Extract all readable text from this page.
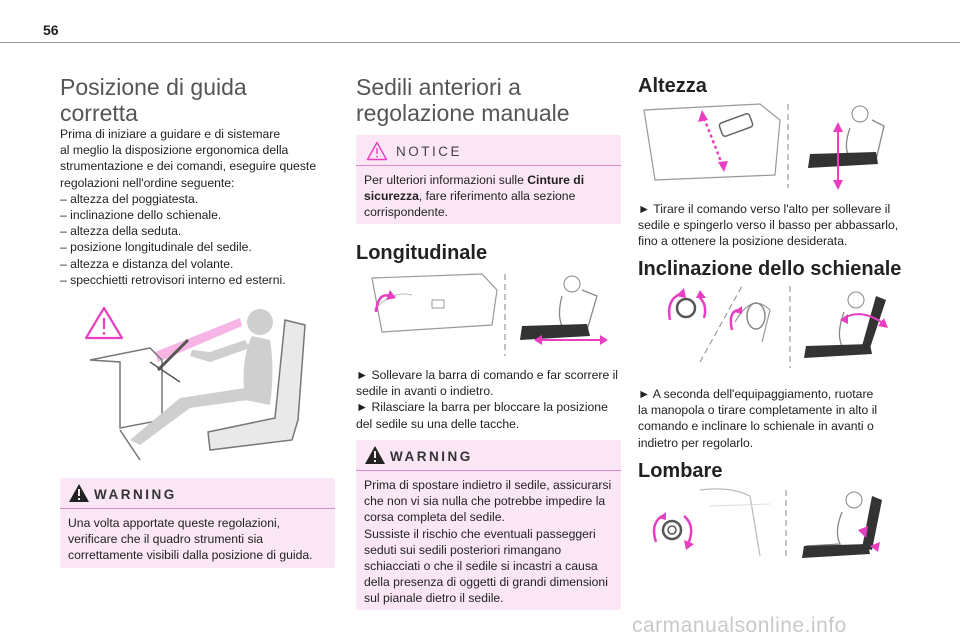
56
Posizione di guida
corretta
Prima di iniziare a guidare e di sistemare
al meglio la disposizione ergonomica della
strumentazione e dei comandi, eseguire queste
regolazioni nell'ordine seguente:
– altezza del poggiatesta.
– inclinazione dello schienale.
– altezza della seduta.
– posizione longitudinale del sedile.
– altezza e distanza del volante.
– specchietti retrovisori interno ed esterni.
WARNING
Una volta apportate queste regolazioni,
verificare che il quadro strumenti sia
correttamente visibili dalla posizione di guida.
Sedili anteriori a
regolazione manuale
NOTICE
Per ulteriori informazioni sulle Cinture di
sicurezza, fare riferimento alla sezione
corrispondente.
Longitudinale
► Sollevare la barra di comando e far scorrere il
sedile in avanti o indietro.
► Rilasciare la barra per bloccare la posizione
del sedile su una delle tacche.
WARNING
Prima di spostare indietro il sedile, assicurarsi
che non vi sia nulla che potrebbe impedire la
corsa completa del sedile.
Sussiste il rischio che eventuali passeggeri
seduti sui sedili posteriori rimangano
schiacciati o che il sedile si incastri a causa
della presenza di oggetti di grandi dimensioni
sul pianale dietro il sedile.
Altezza
► Tirare il comando verso l'alto per sollevare il
sedile e spingerlo verso il basso per abbassarlo,
fino a ottenere la posizione desiderata.
Inclinazione dello schienale
► A seconda dell'equipaggiamento, ruotare
la manopola o tirare completamente in alto il
comando e inclinare lo schienale in avanti o
indietro per regolarlo.
Lombare
carmanualsonline.info
